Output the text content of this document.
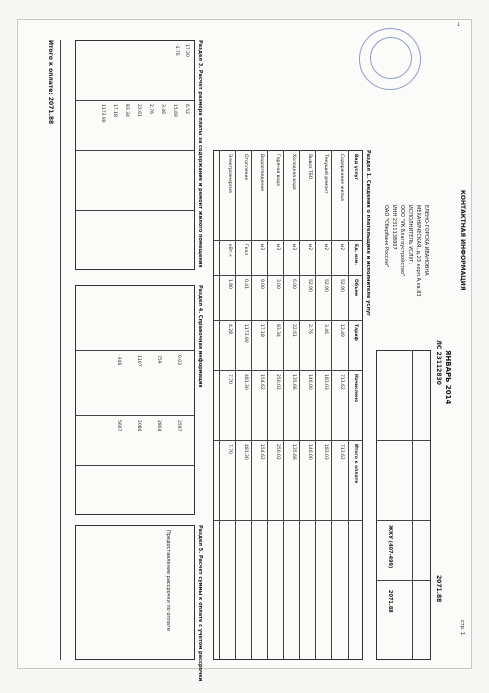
КОНТАКТНАЯ ИНФОРМАЦИЯ
стр. 1
ЯНВАРЬ 2014
ЛС 23112830
ЕЛЕНО-ГОРСКА ИВАНОВНА
МЕХАНИЧЕСКАЯ, д.23 корп.А,кв.83
ИСПОЛНИТЕЛЬ УСЛУГ:
ООО "УК Благоустройство"
ИНН 2311138807
ОАО "Сбербанк России"
2071.88
ЖКУ (407-499)
2071.88
→
Раздел 1. Сведения о плательщике и исполнителе услуг
Вид услуг
Ед. изм.
Объем
Тариф
Начислено
Итого к оплате
Содержание жилья
м2
52.90
13.49
713.62
713.62
Текущий ремонт
м2
52.90
3.46
183.03
183.03
Вывоз ТБО
м2
52.90
2.76
146.00
146.00
Холодная вода
м3
6.00
22.61
135.66
135.66
Горячая вода
м3
3.00
83.34
250.02
250.02
Водоотведение
м3
9.00
17.18
154.62
154.62
Отопление
Гкал
0.41
1173.90
481.30
481.30
Электроэнергия
кВт.ч
1.80
4.28
7.70
7.70
Раздел 3. Расчет размера платы за содержание и ремонт жилого помещения
17.20
-1.76
6.52
15.69
3.46
2.76
22.61
83.34
17.18
1173.90
Раздел 4. Справочная информация
0.03
759
1107
-346
2597
2804
2084
5667
Раздел 5. Расчет суммы к оплате с учетом рассрочки
Предоставление рассрочки по оплате
Итого к оплате: 2071.88
